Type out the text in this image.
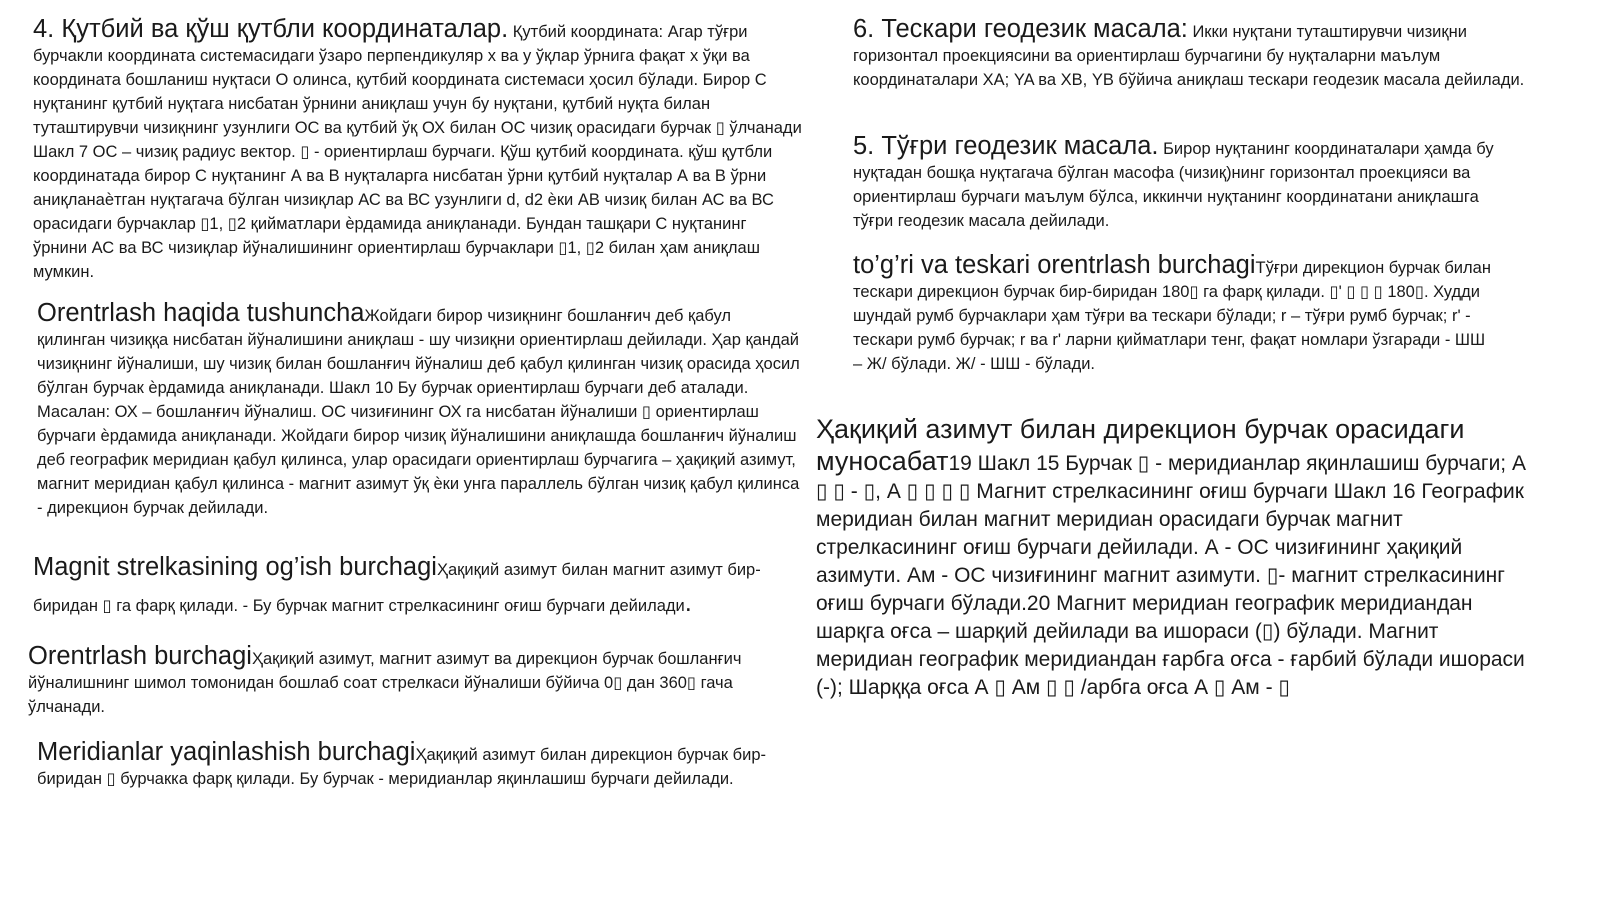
4. Қутбий ва қўш қутбли координаталар. Қутбий координата: Агар тўғри бурчакли координата системасидаги ўзаро перпендикуляр х ва у ўқлар ўрнига фақат х ўқи ва координата бошланиш нуқтаси О олинса, қутбий координата системаси ҳосил бўлади. Бирор С нуқтанинг қутбий нуқтага нисбатан ўрнини аниқлаш учун бу нуқтани, қутбий нуқта билан туташтирувчи чизиқнинг узунлиги ОС ва қутбий ўқ ОХ билан ОС чизиқ орасидаги бурчак ▯ ўлчанади Шакл 7 ОС – чизиқ радиус вектор. ▯ - ориентирлаш бурчаги. Қўш қутбий координата. қўш қутбли координатада бирор С нуқтанинг А ва В нуқталарга нисбатан ўрни қутбий нуқталар А ва В ўрни аниқланаѐтган нуқтагача бўлган чизиқлар АС ва ВС узунлиги d, d2 ѐки АВ чизиқ билан АС ва ВС орасидаги бурчаклар ▯1, ▯2 қийматлари ѐрдамида аниқланади. Бундан ташқари С нуқтанинг ўрнини АС ва ВС чизиқлар йўналишининг ориентирлаш бурчаклари ▯1, ▯2 билан ҳам аниқлаш мумкин.

Orentrlash haqida tushunchaЖойдаги бирор чизиқнинг бошланғич деб қабул қилинган чизиққа нисбатан йўналишини аниқлаш - шу чизиқни ориентирлаш дейилади. Ҳар қандай чизиқнинг йўналиши, шу чизиқ билан бошланғич йўналиш деб қабул қилинган чизиқ орасида ҳосил бўлган бурчак ѐрдамида аниқланади. Шакл 10 Бу бурчак ориентирлаш бурчаги деб аталади. Масалан: ОХ – бошланғич йўналиш. ОС чизиғининг ОХ га нисбатан йўналиши ▯ ориентирлаш бурчаги ѐрдамида аниқланади. Жойдаги бирор чизиқ йўналишини аниқлашда бошланғич йўналиш деб географик меридиан қабул қилинса, улар орасидаги ориентирлаш бурчагига – ҳақиқий азимут, магнит меридиан қабул қилинса - магнит азимут ўқ ѐки унга параллель бўлган чизиқ қабул қилинса - дирекцион бурчак дейилади.

Magnit strelkasining og’ish burchagiҲақиқий азимут билан магнит азимут бир-биридан ▯ га фарқ қилади. - Бу бурчак магнит стрелкасининг оғиш бурчаги дейилади.

Orentrlash burchagiҲақиқий азимут, магнит азимут ва дирекцион бурчак бошланғич йўналишнинг шимол томонидан бошлаб соат стрелкаси йўналиши бўйича 0▯ дан 360▯ гача ўлчанади.

Meridianlar yaqinlashish burchagiҲақиқий азимут билан дирекцион бурчак бир-биридан ▯ бурчакка фарқ қилади. Бу бурчак - меридианлар яқинлашиш бурчаги дейилади.

6. Тескари геодезик масала: Икки нуқтани туташтирувчи чизиқни горизонтал проекциясини ва ориентирлаш бурчагини бу нуқталарни маълум координаталари ХА; YA ва ХВ, YВ бўйича аниқлаш тескари геодезик масала дейилади.

5. Тўғри геодезик масала. Бирор нуқтанинг координаталари ҳамда бу нуқтадан бошқа нуқтагача бўлган масофа (чизиқ)нинг горизонтал проекцияси ва ориентирлаш бурчаги маълум бўлса, иккинчи нуқтанинг координатани аниқлашга тўғри геодезик масала дейилади.

to’g’ri va teskari orentrlash burchagiТўғри дирекцион бурчак билан тескари дирекцион бурчак бир-биридан 180▯ га фарқ қилади. ▯' ▯ ▯ ▯ 180▯. Худди шундай румб бурчаклари ҳам тўғри ва тескари бўлади; r – тўғри румб бурчак; r' - тескари румб бурчак; r ва r' ларни қийматлари тенг, фақат номлари ўзгаради - ШШ – Ж/ бўлади. Ж/ - ШШ - бўлади.

Ҳақиқий азимут билан дирекцион бурчак орасидаги муносабат19 Шакл 15 Бурчак ▯ - меридианлар яқинлашиш бурчаги; А ▯ ▯ - ▯, А ▯ ▯ ▯ ▯ Магнит стрелкасининг оғиш бурчаги Шакл 16 Географик меридиан билан магнит меридиан орасидаги бурчак магнит стрелкасининг оғиш бурчаги дейилади. А - ОС чизиғининг ҳақиқий азимути. Ам - ОС чизиғининг магнит азимути. ▯- магнит стрелкасининг оғиш бурчаги бўлади.20 Магнит меридиан географик меридиандан шарқга оғса – шарқий дейилади ва ишораси (▯) бўлади. Магнит меридиан географик меридиандан ғарбга оғса - ғарбий бўлади ишораси (-); Шарққа оғса А ▯ Ам ▯ ▯ /арбга оғса А ▯ Ам - ▯
